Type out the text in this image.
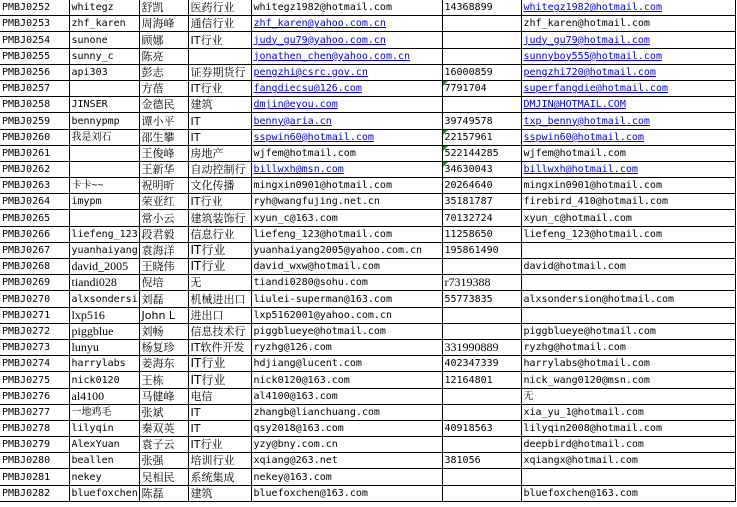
PMBJ0252	whitegz	舒凯	医药行业	whitegz1982@hotmail.com	14368899	whitegz1982@hotmail.com
PMBJ0253	zhf_karen	周海峰	通信行业	zhf_karen@yahoo.com.cn		zhf_karen@hotmail.com
PMBJ0254	sunone	顾娜	IT行业	judy_gu79@yahoo.com.cn		judy_gu79@hotmail.com
PMBJ0255	sunny_c	陈亮		jonathen_chen@yahoo.com.cn		sunnyboy555@hotmail.com
PMBJ0256	api303	彭志	证券期货行	pengzhi@csrc.gov.cn	16000859	pengzhi720@hotmail.com
PMBJ0257		方蓓	IT行业	fangdiecsu@126.com	7791704	superfangdie@hotmail.com
PMBJ0258	JINSER	金德民	建筑	dmjin@eyou.com		DMJIN@HOTMAIL.COM
PMBJ0259	bennypmp	谭小平	IT	benny@aria.cn	39749578	txp_benny@hotmail.com
PMBJ0260	我是刘石	邵生攀	IT	sspwin60@hotmail.com	22157961	sspwin60@hotmail.com
PMBJ0261		王俊峰	房地产	wjfem@hotmail.com	522144285	wjfem@hotmail.com
PMBJ0262		王新华	自动控制行	billwxh@msn.com	34630043	billwxh@hotmail.com
PMBJ0263	卡卡~~	祝明昕	文化传播	mingxin0901@hotmail.com	20264640	mingxin0901@hotmail.com
PMBJ0264	imypm	荣亚红	IT行业	ryh@wangfujing.net.cn	35181787	firebird_410@hotmail.com
PMBJ0265		常小云	建筑装饰行	xyun_c@163.com	70132724	xyun_c@hotmail.com
PMBJ0266	liefeng_123	段君毅	信息行业	liefeng_123@hotmail.com	11258650	liefeng_123@hotmail.com
PMBJ0267	yuanhaiyang	袁海洋	IT行业	yuanhaiyang2005@yahoo.com.cn	195861490	
PMBJ0268	david_2005	王晓伟	IT行业	david_wxw@hotmail.com		david@hotmail.com
PMBJ0269	tiandi028	倪培	无	tiandi0280@sohu.com	r7319388	
PMBJ0270	alxsondersi	刘磊	机械进出口	liulei-superman@163.com	55773835	alxsondersion@hotmail.com
PMBJ0271	lxp516	John L	进出口	lxp5162001@yahoo.com.cn		
PMBJ0272	piggblue	刘畅	信息技术行	piggblueye@hotmail.com		piggblueye@hotmail.com
PMBJ0273	lunyu	杨复珍	IT软件开发	ryzhg@126.com	331990889	ryzhg@hotmail.com
PMBJ0274	harrylabs	姜海东	IT行业	hdjiang@lucent.com	402347339	harrylabs@hotmail.com
PMBJ0275	nick0120	王栋	IT行业	nick0120@163.com	12164801	nick_wang0120@msn.com
PMBJ0276	al4100	马健峰	电信	al4100@163.com		无
PMBJ0277	一地鸡毛	张斌	IT	zhangb@lianchuang.com		xia_yu_1@hotmail.com
PMBJ0278	lilyqin	秦双英	IT	qsy2018@163.com	40918563	lilyqin2008@hotmail.com
PMBJ0279	AlexYuan	袁子云	IT行业	yzy@bny.com.cn		deepbird@hotmail.com
PMBJ0280	beallen	张强	培训行业	xqiang@263.net	381056	xqiangx@hotmail.com
PMBJ0281	nekey	吴相民	系统集成	nekey@163.com		
PMBJ0282	bluefoxchen	陈磊	建筑	bluefoxchen@163.com		bluefoxchen@163.com
